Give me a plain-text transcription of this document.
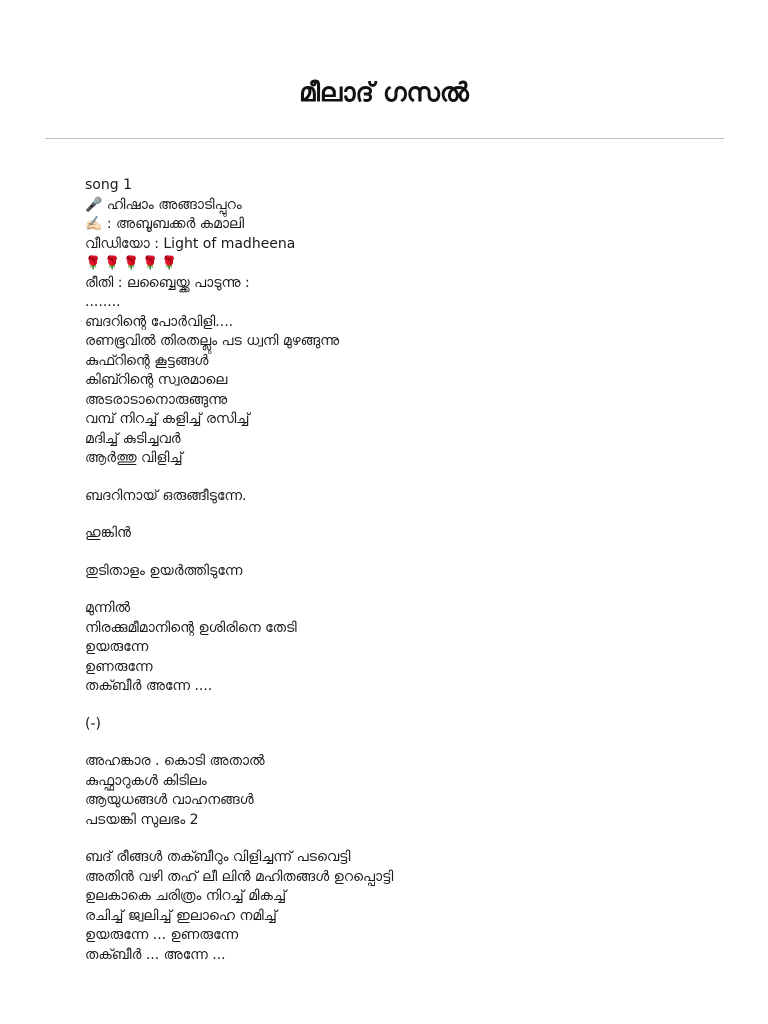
മീലാദ് ഗസൽ
song 1
🎤 ഹിഷാം അങ്ങാടിപ്പുറം
✍🏻 : അബൂബക്കർ കമാലി
വീഡിയോ : Light of madheena
🌹 🌹 🌹 🌹 🌹
രീതി : ലബ്ബൈയ്ക്ക പാടുന്നു :
........
ബദറിന്റെ പോർവിളി....
രണഭൂവിൽ തിരതല്ലും പട ധ്വനി മുഴങ്ങുന്നു
കുഫ്റിന്റെ കൂട്ടങ്ങൾ
കിബ്റിന്റെ സ്വരമാലെ
അടരാടാനൊരുങ്ങുന്നു
വമ്പ് നിറച്ച് കളിച്ച് രസിച്ച്
മദിച്ച് കുടിച്ചവർ
ആർത്തു വിളിച്ച്
ബദറിനായ് ഒരുങ്ങീടുന്നേ.
ഹുങ്കിൻ
തുടിതാളം ഉയർത്തിടുന്നേ
മുന്നിൽ
നിരക്കുമീമാനിന്റെ ഉശിരിനെ തേടി
ഉയരുന്നേ
ഉണരുന്നേ
തക്ബീർ അന്നേ ....
(-)
അഹങ്കാര . കൊടി അതാൽ
കുഫ്ഫാറുകൾ കിടിലം
ആയുധങ്ങൾ വാഹനങ്ങൾ
പടയങ്കി സുലഭം 2
ബദ് രീങ്ങൾ തക്ബീറും വിളിച്ചന്ന് പടവെട്ടി
അതിൻ വഴി തഹ് ലീ ലിൻ മഹിതങ്ങൾ ഉറപ്പൊട്ടി
ഉലകാകെ ചരിത്രം നിറച്ച് മികച്ച്
രചിച്ച് ജ്വലിച്ച് ഇലാഹെ നമിച്ച്
ഉയരുന്നേ ... ഉണരുന്നേ
തക്ബീർ ... അന്നേ ...
